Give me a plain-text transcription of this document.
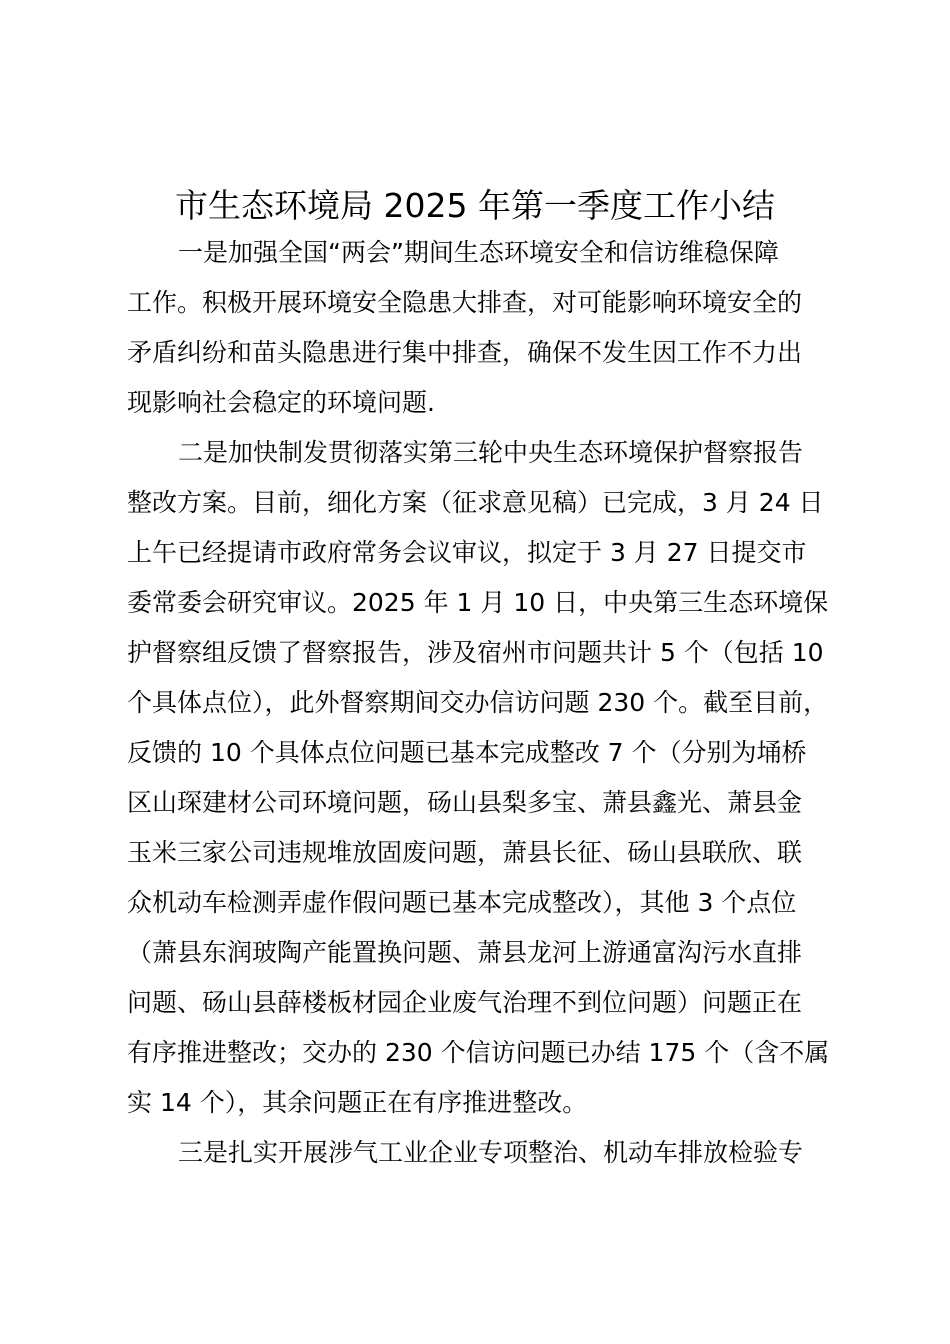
市生态环境局 2025 年第一季度工作小结
一是加强全国“两会”期间生态环境安全和信访维稳保障
工作。积极开展环境安全隐患大排查，对可能影响环境安全的
矛盾纠纷和苗头隐患进行集中排查，确保不发生因工作不力出
现影响社会稳定的环境问题.
二是加快制发贯彻落实第三轮中央生态环境保护督察报告
整改方案。目前，细化方案（征求意见稿）已完成，3 月 24 日
上午已经提请市政府常务会议审议，拟定于 3 月 27 日提交市
委常委会研究审议。2025 年 1 月 10 日，中央第三生态环境保
护督察组反馈了督察报告，涉及宿州市问题共计 5 个（包括 10
个具体点位），此外督察期间交办信访问题 230 个。截至目前，
反馈的 10 个具体点位问题已基本完成整改 7 个（分别为埇桥
区山琛建材公司环境问题，砀山县梨多宝、萧县鑫光、萧县金
玉米三家公司违规堆放固废问题，萧县长征、砀山县联欣、联
众机动车检测弄虚作假问题已基本完成整改），其他 3 个点位
（萧县东润玻陶产能置换问题、萧县龙河上游通富沟污水直排
问题、砀山县薛楼板材园企业废气治理不到位问题）问题正在
有序推进整改；交办的 230 个信访问题已办结 175 个（含不属
实 14 个），其余问题正在有序推进整改。
三是扎实开展涉气工业企业专项整治、机动车排放检验专
